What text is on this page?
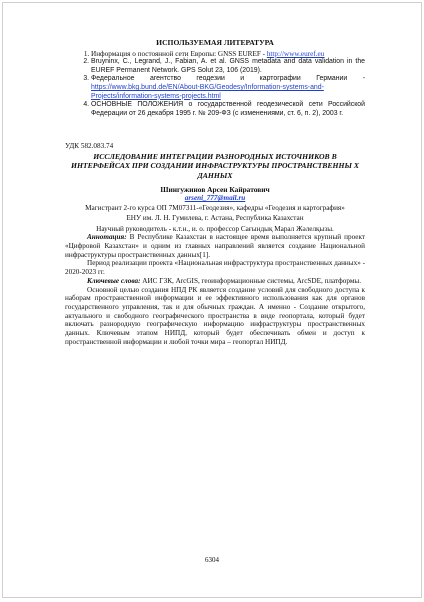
ИСПОЛЬЗУЕМАЯ ЛИТЕРАТУРА
1. Информация о постоянной сети Европы: GNSS EUREF - http://www.euref.eu
2. Bruyninx, C., Legrand, J., Fabian, A. et al. GNSS metadata and data validation in the EUREF Permanent Network. GPS Solut 23, 106 (2019).
3. Федеральное агентство геодезии и картографии Германии - https://www.bkg.bund.de/EN/About-BKG/Geodesy/Information-systems-and-Projects/information-systems-projects.html
4. ОСНОВНЫЕ ПОЛОЖЕНИЯ о государственной геодезической сети Российской Федерации от 26 декабря 1995 г. № 209-ФЗ (с изменениями, ст. 6, п. 2), 2003 г.
УДК 582.083.74
ИССЛЕДОВАНИЕ ИНТЕГРАЦИИ РАЗНОРОДНЫХ ИСТОЧНИКОВ В ИНТЕРФЕЙСАХ ПРИ СОЗДАНИИ ИНФРАСТРУКТУРЫ ПРОСТРАНСТВЕННЫ Х ДАННЫХ
Шингужинов Арсен Кайратович
arseni_777@mail.ru
Магистрант 2-го курса ОП 7М07311-«Геодезия», кафедры «Геодезия и картография»
ЕНУ им. Л. Н. Гумилева, г. Астана, Республика Казахстан
Научный руководитель - к.т.н., и. о. профессор Сағындық Марал Жәлелқызы.

Аннотация: В Республике Казахстан в настоящее время выполняется крупный проект «Цифровой Казахстан» и одним из главных направлений является создание Национальной инфраструктуры пространственных данных[1].

Период реализации проекта «Национальная инфраструктура пространственных данных» - 2020-2023 гг.

Ключевые слова: АИС ГЗК, ArcGIS, геоинформационные системы, ArcSDE, платформы.

Основной целью создания НПД РК является создание условий для свободного доступа к наборам пространственной информации и ее эффективного использования как для органов государственного управления, так и для обычных граждан. А именно - Создание открытого, актуального и свободного географического пространства в виде геопортала, который будет включать разнородную географическую информацию инфраструктуры пространственных данных. Ключевым этапом НИПД, который будет обеспечивать обмен и доступ к пространственной информации и любой точки мира – геопортал НИПД.

6304
